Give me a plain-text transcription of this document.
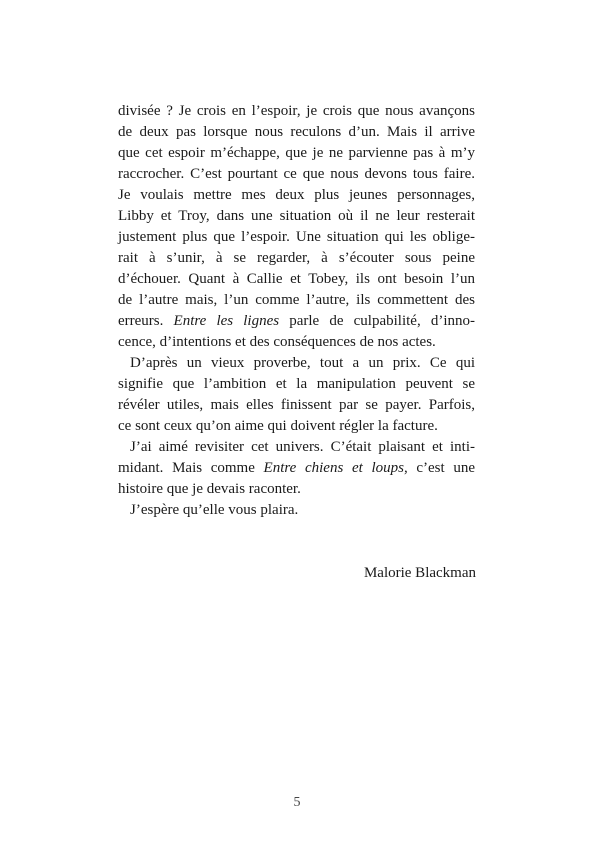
divisée ? Je crois en l’espoir, je crois que nous avançons
de deux pas lorsque nous reculons d’un. Mais il arrive
que cet espoir m’échappe, que je ne parvienne pas à m’y
raccrocher. C’est pourtant ce que nous devons tous faire.
Je voulais mettre mes deux plus jeunes personnages,
Libby et Troy, dans une situation où il ne leur resterait
justement plus que l’espoir. Une situation qui les oblige-
rait à s’unir, à se regarder, à s’écouter sous peine
d’échouer. Quant à Callie et Tobey, ils ont besoin l’un
de l’autre mais, l’un comme l’autre, ils commettent des
erreurs. Entre les lignes parle de culpabilité, d’inno-
cence, d’intentions et des conséquences de nos actes.
D’après un vieux proverbe, tout a un prix. Ce qui
signifie que l’ambition et la manipulation peuvent se
révéler utiles, mais elles finissent par se payer. Parfois,
ce sont ceux qu’on aime qui doivent régler la facture.
J’ai aimé revisiter cet univers. C’était plaisant et inti-
midant. Mais comme Entre chiens et loups, c’est une
histoire que je devais raconter.
J’espère qu’elle vous plaira.
Malorie Blackman
5
